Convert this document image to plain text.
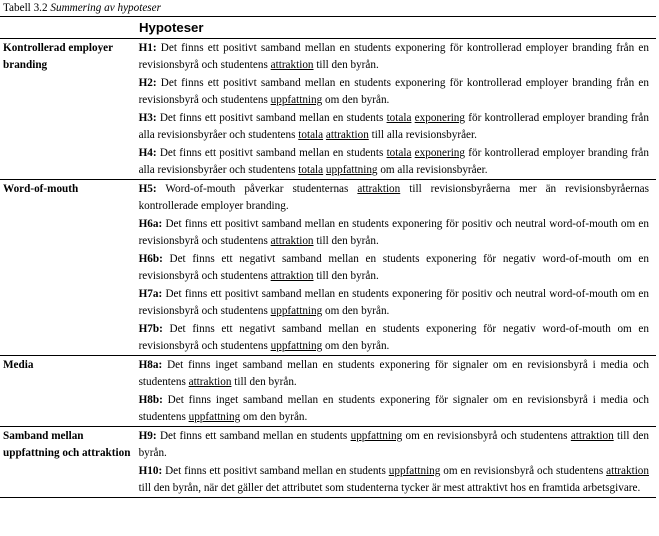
Tabell 3.2 Summering av hypoteser
Hypoteser
Kontrollerad employer branding
H1: Det finns ett positivt samband mellan en students exponering för kontrollerad employer branding från en revisionsbyrå och studentens attraktion till den byrån.
H2: Det finns ett positivt samband mellan en students exponering för kontrollerad employer branding från en revisionsbyrå och studentens uppfattning om den byrån.
H3: Det finns ett positivt samband mellan en students totala exponering för kontrollerad employer branding från alla revisionsbyråer och studentens totala attraktion till alla revisionsbyråer.
H4: Det finns ett positivt samband mellan en students totala exponering för kontrollerad employer branding från alla revisionsbyråer och studentens totala uppfattning om alla revisionsbyråer.
Word-of-mouth	H5: Word-of-mouth påverkar studenternas attraktion till revisionsbyråerna mer än revisionsbyråernas kontrollerade employer branding.
H6a: Det finns ett positivt samband mellan en students exponering för positiv och neutral word-of-mouth om en revisionsbyrå och studentens attraktion till den byrån.
H6b: Det finns ett negativt samband mellan en students exponering för negativ word-of-mouth om en revisionsbyrå och studentens attraktion till den byrån.
H7a: Det finns ett positivt samband mellan en students exponering för positiv och neutral word-of-mouth om en revisionsbyrå och studentens uppfattning om den byrån.
H7b: Det finns ett negativt samband mellan en students exponering för negativ word-of-mouth om en revisionsbyrå och studentens uppfattning om den byrån.
Media	H8a: Det finns inget samband mellan en students exponering för signaler om en revisionsbyrå i media och studentens attraktion till den byrån.
H8b: Det finns inget samband mellan en students exponering för signaler om en revisionsbyrå i media och studentens uppfattning om den byrån.
Samband mellan uppfattning och attraktion
H9: Det finns ett samband mellan en students uppfattning om en revisionsbyrå och studentens attraktion till den byrån.
H10: Det finns ett positivt samband mellan en students uppfattning om en revisionsbyrå och studentens attraktion till den byrån, när det gäller det attributet som studenterna tycker är mest attraktivt hos en framtida arbetsgivare.
